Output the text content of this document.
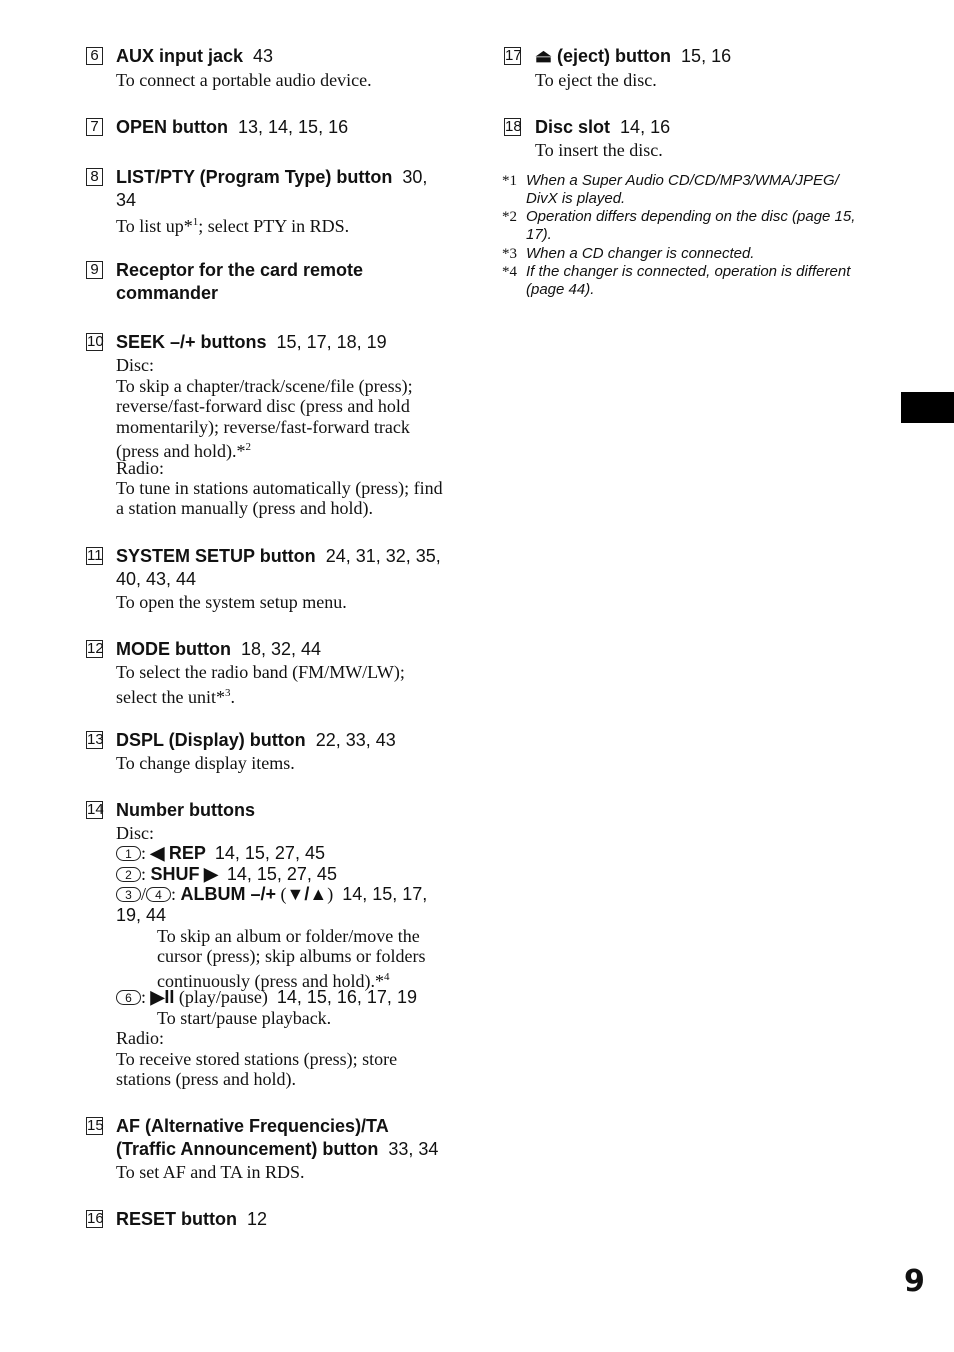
6 AUX input jack 43
To connect a portable audio device.
7 OPEN button 13, 14, 15, 16
8 LIST/PTY (Program Type) button 30,
34
To list up*$^1$; select PTY in RDS.
9 Receptor for the card remote
commander
10 SEEK –/+ buttons 15, 17, 18, 19
Disc:
To skip a chapter/track/scene/file (press);
reverse/fast-forward disc (press and hold
momentarily); reverse/fast-forward track
(press and hold).*$^2$
Radio:
To tune in stations automatically (press); find
a station manually (press and hold).
11 SYSTEM SETUP button 24, 31, 32, 35,
40, 43, 44
To open the system setup menu.
12 MODE button 18, 32, 44
To select the radio band (FM/MW/LW);
select the unit*$^3$.
13 DSPL (Display) button 22, 33, 43
To change display items.
14 Number buttons
Disc:
1 : ◀ REP 14, 15, 27, 45
2 : SHUF ▶ 14, 15, 27, 45
3 / 4 : ALBUM –/+ (▼/▲)  14, 15, 17,
19, 44
To skip an album or folder/move the
cursor (press); skip albums or folders
continuously (press and hold).*$^4$
6 : ▶II (play/pause) 14, 15, 16, 17, 19
To start/pause playback.
Radio:
To receive stored stations (press); store
stations (press and hold).
15 AF (Alternative Frequencies)/TA
(Traffic Announcement) button 33, 34
To set AF and TA in RDS.
16 RESET button 12
17 ⏏ (eject) button 15, 16
To eject the disc.
18 Disc slot 14, 16
To insert the disc.
*1 When a Super Audio CD/CD/MP3/WMA/JPEG/
DivX is played.
*2 Operation differs depending on the disc (page 15,
17).
*3 When a CD changer is connected.
*4 If the changer is connected, operation is different
(page 44).
9
